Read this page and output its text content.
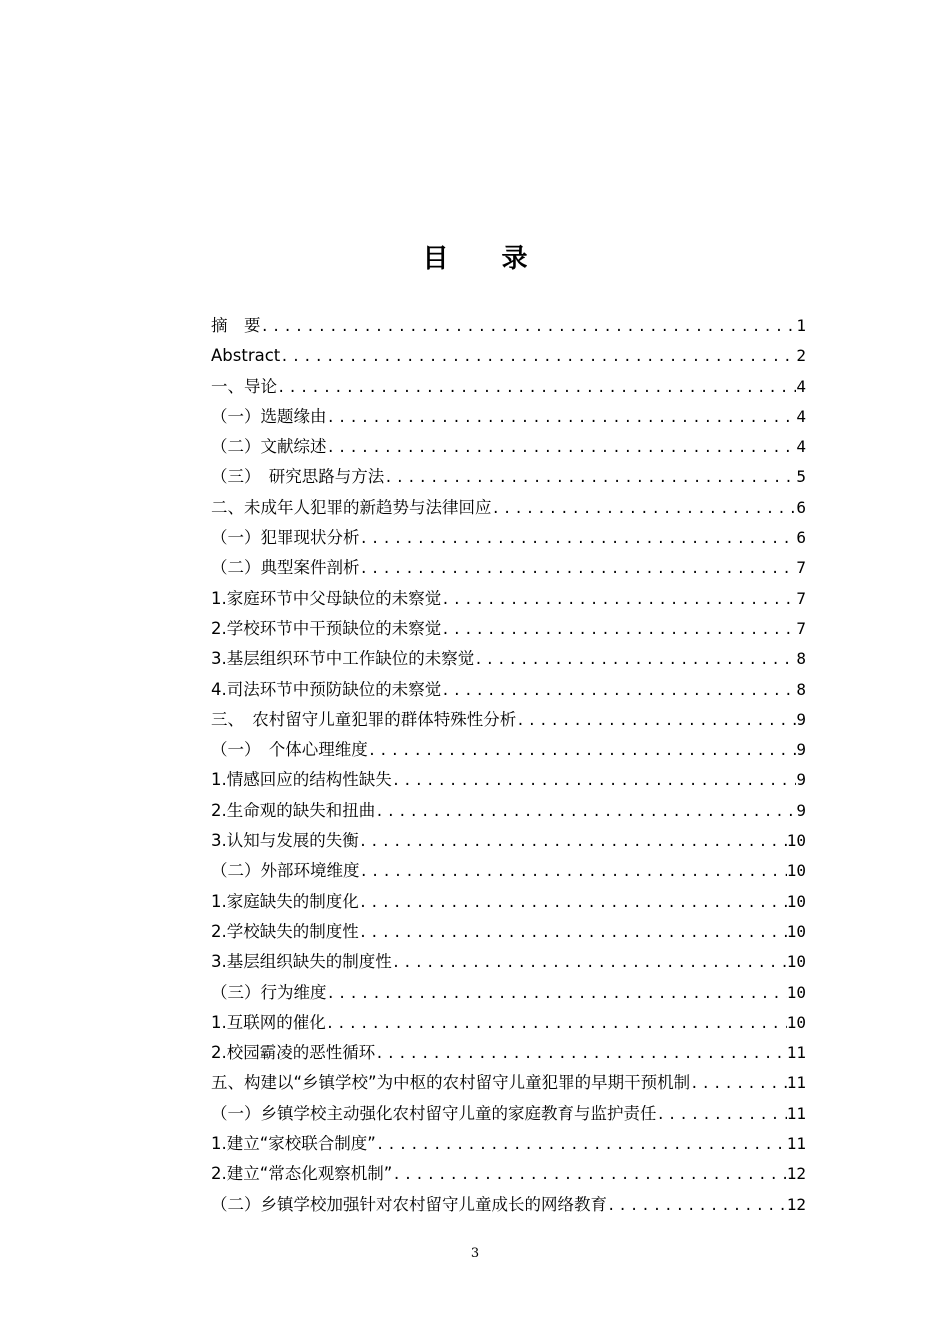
目 录
摘　要 .....	1
Abstract .....	2
一、导论 .....	4
（一）选题缘由 .....	4
（二）文献综述 .....	4
（三）　研究思路与方法 .....	5
二、未成年人犯罪的新趋势与法律回应 .....	6
（一）犯罪现状分析 .....	6
（二）典型案件剖析 .....	7
1.家庭环节中父母缺位的未察觉 .....	7
2.学校环节中干预缺位的未察觉 .....	7
3.基层组织环节中工作缺位的未察觉 .....	8
4.司法环节中预防缺位的未察觉 .....	8
三、　农村留守儿童犯罪的群体特殊性分析 .....	9
（一）　个体心理维度 .....	9
1.情感回应的结构性缺失 .....	9
2.生命观的缺失和扭曲 .....	9
3.认知与发展的失衡 .....	10
（二）外部环境维度 .....	10
1.家庭缺失的制度化 .....	10
2.学校缺失的制度性 .....	10
3.基层组织缺失的制度性 .....	10
（三）行为维度 .....	10
1.互联网的催化 .....	10
2.校园霸凌的恶性循环 .....	11
五、构建以“乡镇学校”为中枢的农村留守儿童犯罪的早期干预机制 .....	11
（一）乡镇学校主动强化农村留守儿童的家庭教育与监护责任 .....	11
1.建立“家校联合制度” .....	11
2.建立“常态化观察机制” .....	12
（二）乡镇学校加强针对农村留守儿童成长的网络教育 .....	12
3
